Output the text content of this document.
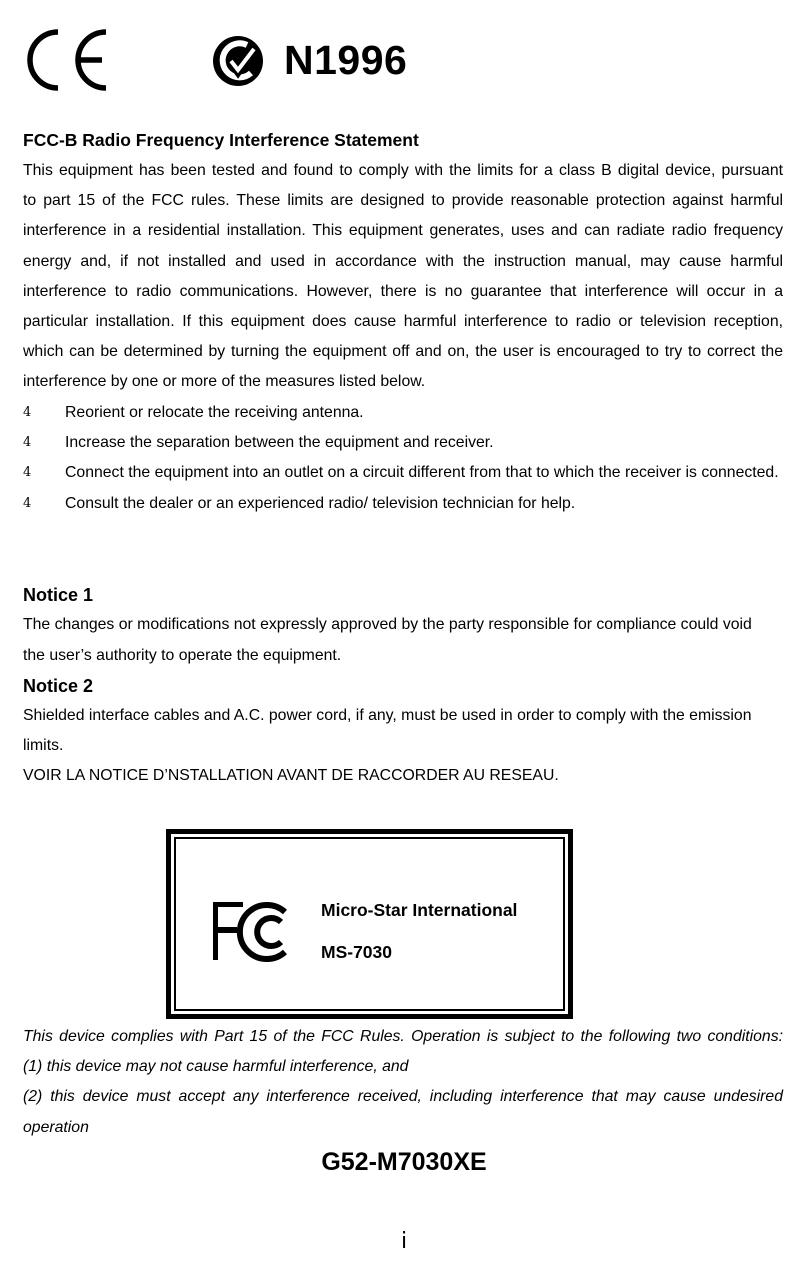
N1996
FCC-B Radio Frequency Interference Statement
This equipment has been tested and found to comply with the limits for a class B digital device, pursuant
to part 15 of the FCC rules. These limits are designed to provide reasonable protection against harmful
interference in a residential installation. This equipment generates, uses and can radiate radio frequency
energy and, if not installed and used in accordance with the instruction manual, may cause harmful
interference to radio communications. However, there is no guarantee that interference will occur in a
particular installation. If this equipment does cause harmful interference to radio or television reception,
which can be determined by turning the equipment off and on, the user is encouraged to try to correct the
interference by one or more of the measures listed below.
4 Reorient or relocate the receiving antenna.
4 Increase the separation between the equipment and receiver.
4 Connect the equipment into an outlet on a circuit different from that to which the receiver is connected.
4 Consult the dealer or an experienced radio/ television technician for help.
Notice 1
The changes or modifications not expressly approved by the party responsible for compliance could void
the user’s authority to operate the equipment.
Notice 2
Shielded interface cables and A.C. power cord, if any, must be used in order to comply with the emission
limits.
VOIR LA NOTICE D’NSTALLATION AVANT DE RACCORDER AU RESEAU.
Micro-Star International
MS-7030
This device complies with Part 15 of the FCC Rules. Operation is subject to the following two conditions:
(1) this device may not cause harmful interference, and
(2) this device must accept any interference received, including interference that may cause undesired
operation
G52-M7030XE
i
